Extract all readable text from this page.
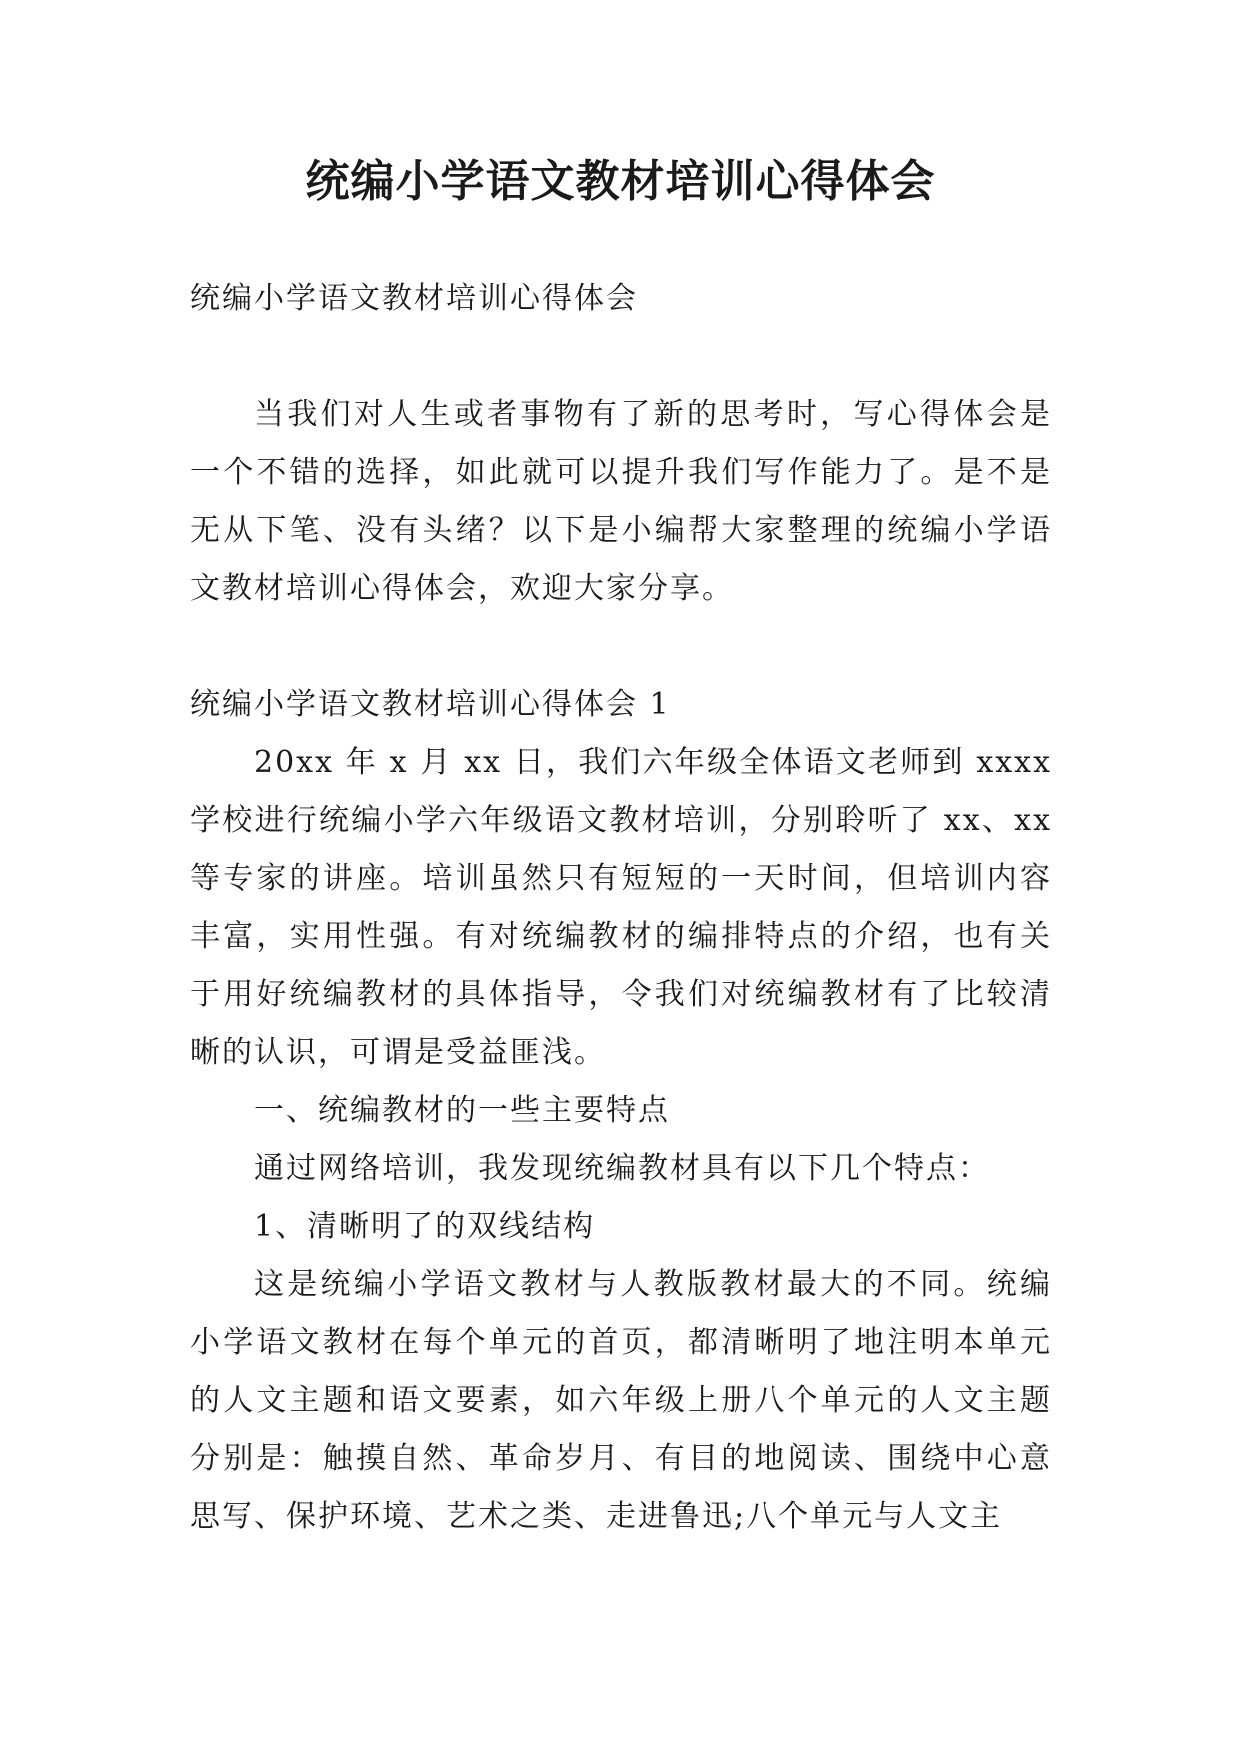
统编小学语文教材培训心得体会

统编小学语文教材培训心得体会

当我们对人生或者事物有了新的思考时，写心得体会是一个不错的选择，如此就可以提升我们写作能力了。是不是无从下笔、没有头绪？以下是小编帮大家整理的统编小学语文教材培训心得体会，欢迎大家分享。

统编小学语文教材培训心得体会 1

20xx 年 x 月 xx 日，我们六年级全体语文老师到 xxxx 学校进行统编小学六年级语文教材培训，分别聆听了 xx、xx 等专家的讲座。培训虽然只有短短的一天时间，但培训内容丰富，实用性强。有对统编教材的编排特点的介绍，也有关于用好统编教材的具体指导，令我们对统编教材有了比较清晰的认识，可谓是受益匪浅。

一、统编教材的一些主要特点

通过网络培训，我发现统编教材具有以下几个特点：

1、清晰明了的双线结构

这是统编小学语文教材与人教版教材最大的不同。统编小学语文教材在每个单元的首页，都清晰明了地注明本单元的人文主题和语文要素，如六年级上册八个单元的人文主题分别是：触摸自然、革命岁月、有目的地阅读、围绕中心意思写、保护环境、艺术之类、走进鲁迅;八个单元与人文主
